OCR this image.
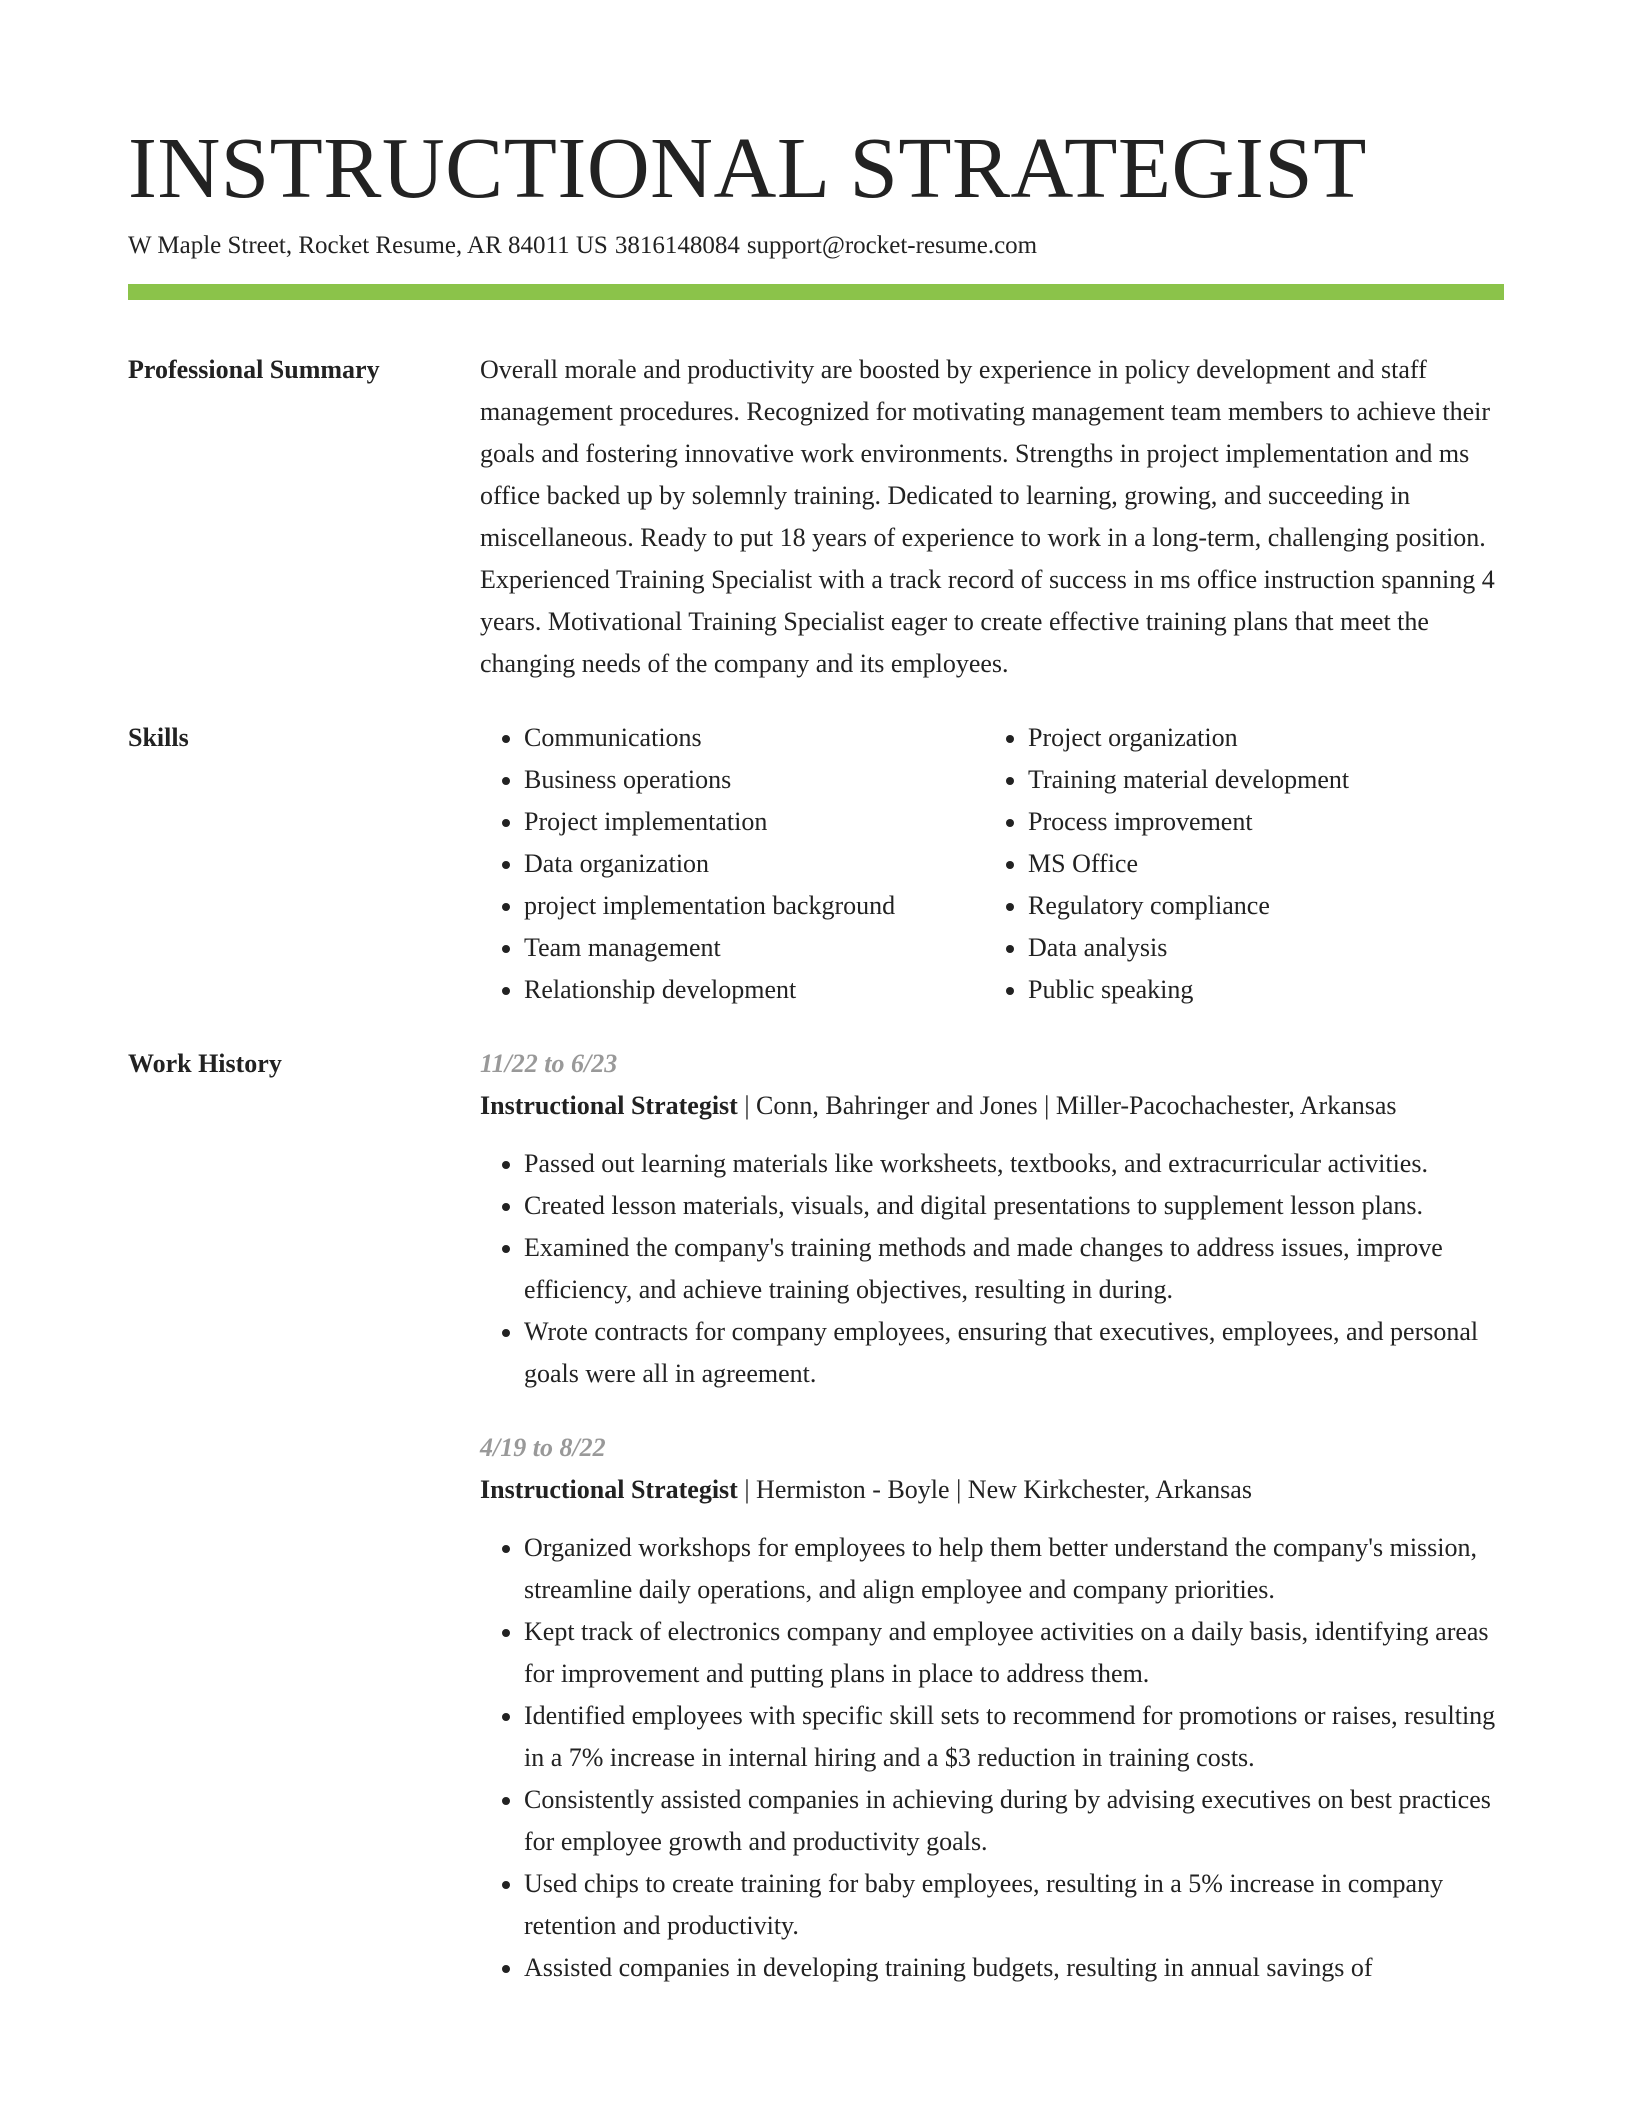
INSTRUCTIONAL STRATEGIST
W Maple Street, Rocket Resume, AR 84011 US 3816148084 support@rocket-resume.com
Professional Summary	Overall morale and productivity are boosted by experience in policy development and staff management procedures. Recognized for motivating management team members to achieve their goals and fostering innovative work environments. Strengths in project implementation and ms office backed up by solemnly training. Dedicated to learning, growing, and succeeding in miscellaneous. Ready to put 18 years of experience to work in a long-term, challenging position. Experienced Training Specialist with a track record of success in ms office instruction spanning 4 years. Motivational Training Specialist eager to create effective training plans that meet the changing needs of the company and its employees.
Skills
•	Communications
• Business operations
• Project implementation
• Data organization
• project implementation background
• Team management
• Relationship development
• Project organization
• Training material development
• Process improvement
• MS Office
• Regulatory compliance
• Data analysis
• Public speaking
Work History	11/22 to 6/23
Instructional Strategist | Conn, Bahringer and Jones | Miller-Pacochachester, Arkansas
• Passed out learning materials like worksheets, textbooks, and extracurricular activities.
• Created lesson materials, visuals, and digital presentations to supplement lesson plans.
• Examined the company's training methods and made changes to address issues, improve efficiency, and achieve training objectives, resulting in during.
• Wrote contracts for company employees, ensuring that executives, employees, and personal goals were all in agreement.
4/19 to 8/22
Instructional Strategist | Hermiston - Boyle | New Kirkchester, Arkansas
• Organized workshops for employees to help them better understand the company's mission, streamline daily operations, and align employee and company priorities.
• Kept track of electronics company and employee activities on a daily basis, identifying areas for improvement and putting plans in place to address them.
• Identified employees with specific skill sets to recommend for promotions or raises, resulting in a 7% increase in internal hiring and a $3 reduction in training costs.
• Consistently assisted companies in achieving during by advising executives on best practices for employee growth and productivity goals.
• Used chips to create training for baby employees, resulting in a 5% increase in company retention and productivity.
• Assisted companies in developing training budgets, resulting in annual savings of
